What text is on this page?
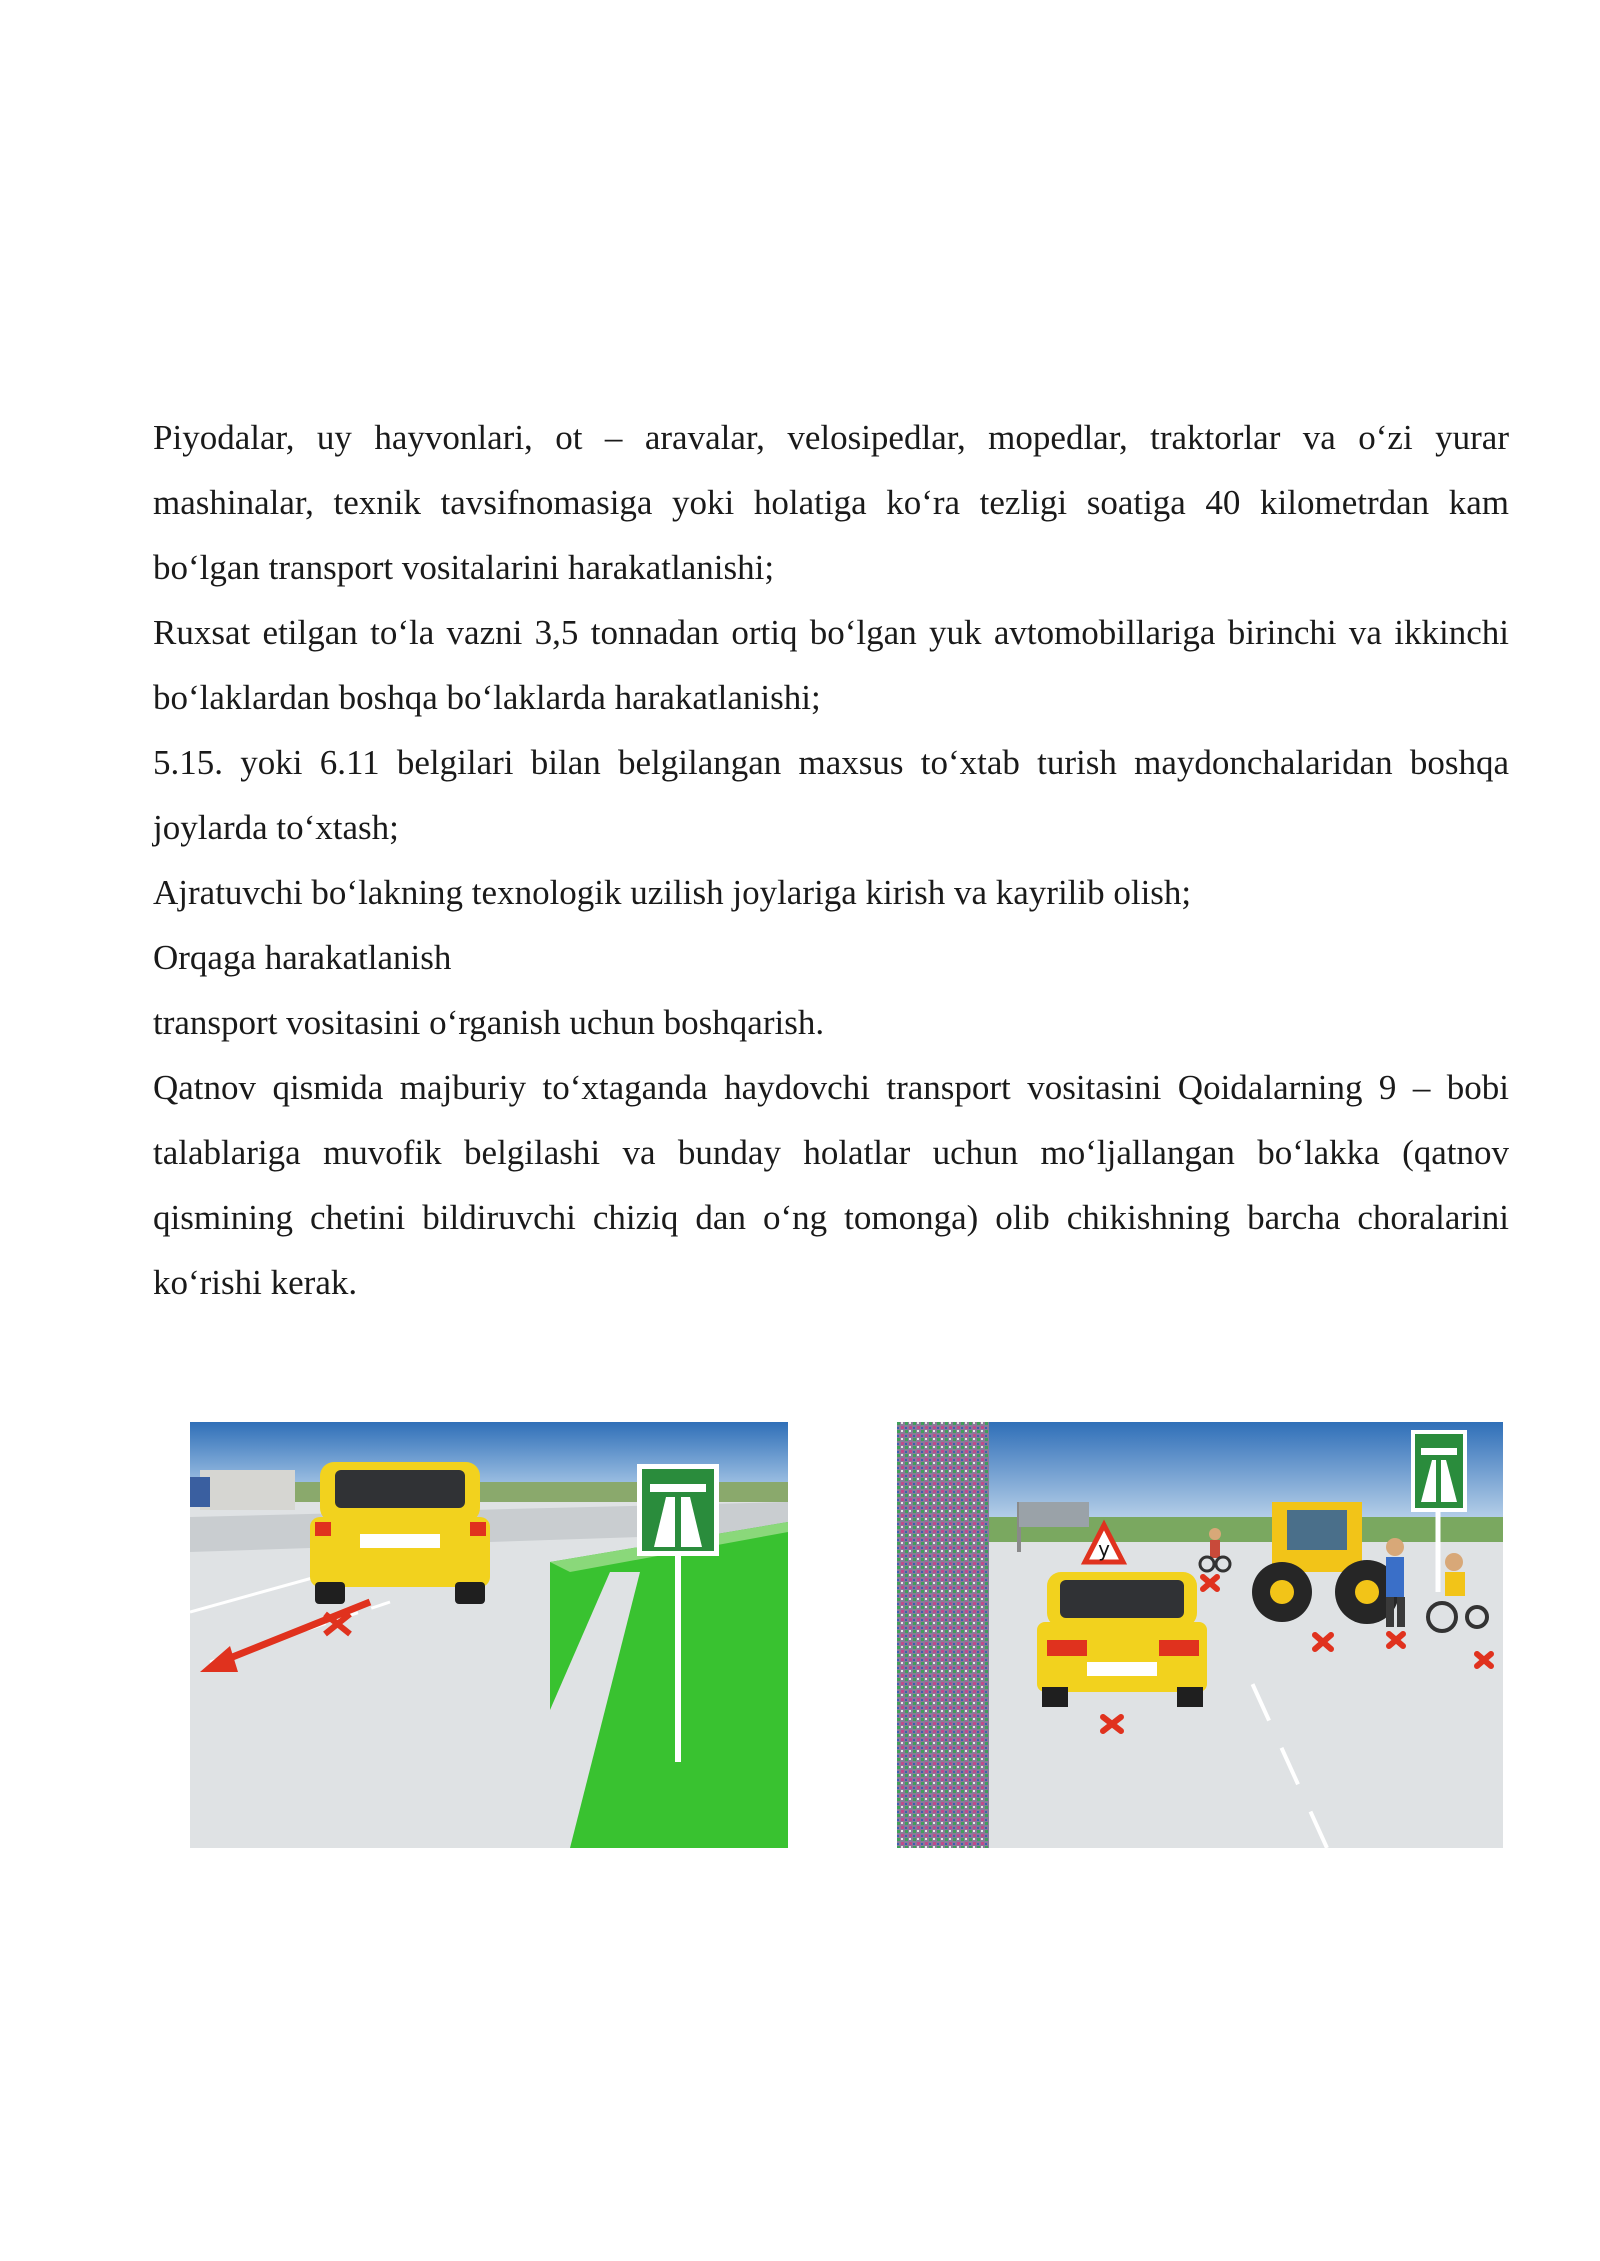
Piyodalar, uy hayvonlari, ot – aravalar, velosipedlar, mopedlar, traktorlar va oʻzi yurar mashinalar, texnik tavsifnomasiga yoki holatiga koʻra tezligi soatiga 40 kilometrdan kam boʻlgan transport vositalarini harakatlanishi;

Ruxsat etilgan toʻla vazni 3,5 tonnadan ortiq boʻlgan yuk avtomobillariga birinchi va ikkinchi boʻlaklardan boshqa boʻlaklarda harakatlanishi;

5.15. yoki 6.11 belgilari bilan belgilangan maxsus toʻxtab turish maydonchalaridan boshqa joylarda toʻxtash;

Ajratuvchi boʻlakning texnologik uzilish joylariga kirish va kayrilib olish;

Orqaga harakatlanish

transport vositasini oʻrganish uchun boshqarish.

Qatnov qismida majburiy toʻxtaganda haydovchi transport vositasini Qoidalarning 9 – bobi talablariga muvofik belgilashi va bunday holatlar uchun moʻljallangan boʻlakka (qatnov qismining chetini bildiruvchi chiziq dan oʻng tomonga) olib chikishning barcha choralarini koʻrishi kerak.

у
